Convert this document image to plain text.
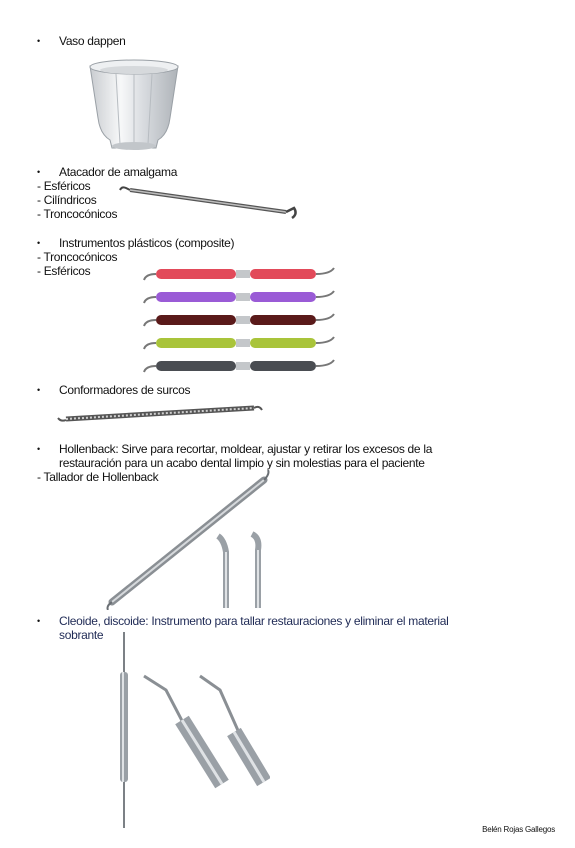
•	Vaso dappen
•	Atacador de amalgama
- Esféricos
- Cilíndricos
- Troncocónicos
•	Instrumentos plásticos (composite)
- Troncocónicos
- Esféricos
•	Conformadores de surcos
•	Hollenback: Sirve para recortar, moldear, ajustar y retirar los excesos de la
restauración para un acabo dental limpio y sin molestias para el paciente
- Tallador de Hollenback
•	Cleoide, discoide: Instrumento para tallar restauraciones y eliminar el material
sobrante
Belén Rojas Gallegos
